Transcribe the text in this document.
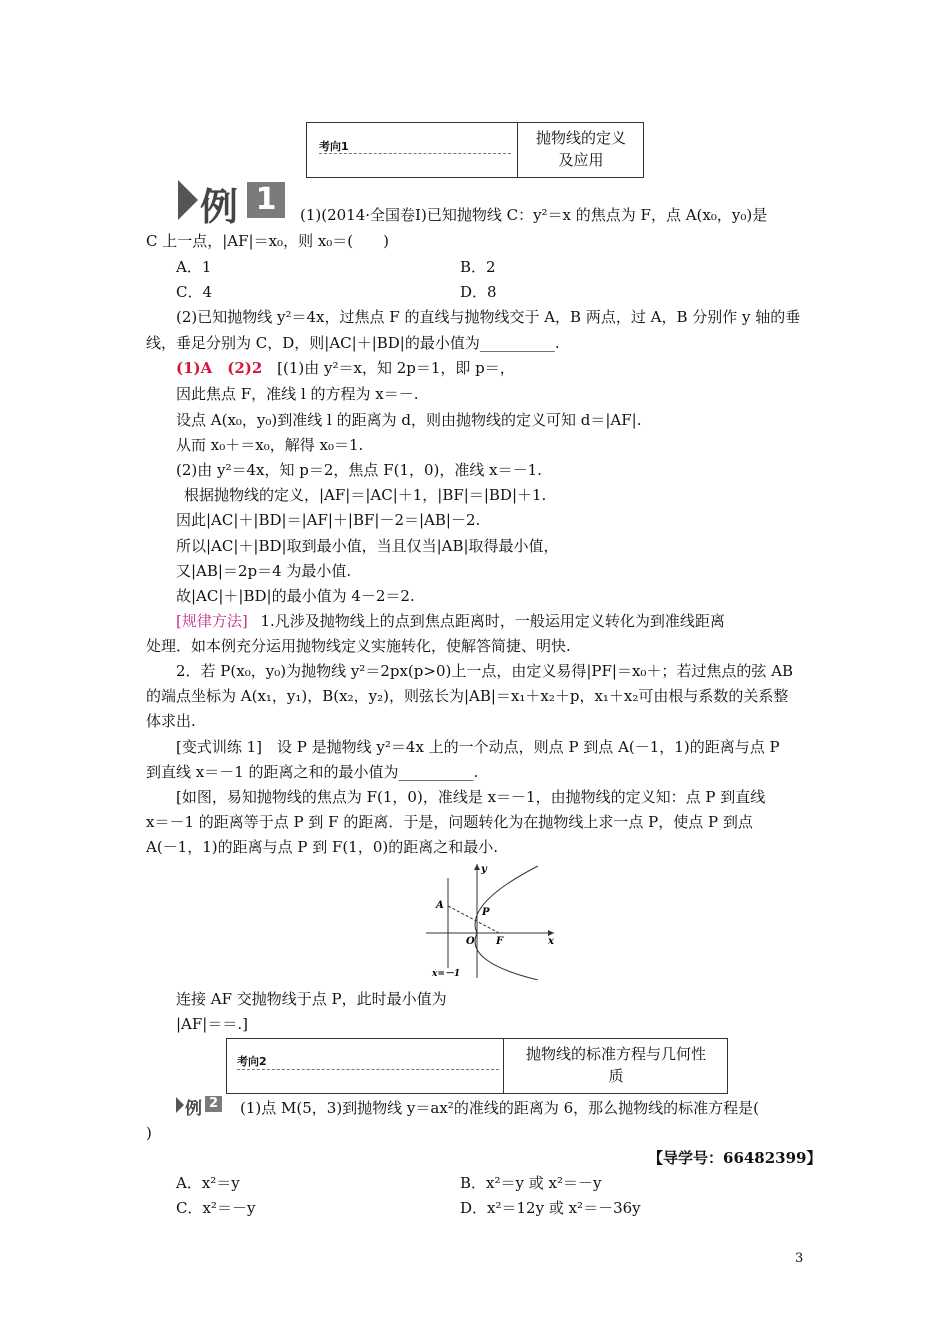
考向1	抛物线的定义
及应用
例 1	(1)(2014·全国卷Ⅰ)已知抛物线 C：y²＝x 的焦点为 F，点 A(x₀，y₀)是
C 上一点，|AF|＝x₀，则 x₀＝(　　)
A．1	B．2
C．4	D．8
(2)已知抛物线 y²＝4x，过焦点 F 的直线与抛物线交于 A，B 两点，过 A，B 分别作 y 轴的垂
线，垂足分别为 C，D，则|AC|＋|BD|的最小值为__________.
(1)A　(2)2 [(1)由 y²＝x，知 2p＝1，即 p＝，
因此焦点 F，准线 l 的方程为 x＝－.
设点 A(x₀，y₀)到准线 l 的距离为 d，则由抛物线的定义可知 d＝|AF|.
从而 x₀＋＝x₀，解得 x₀＝1.
(2)由 y²＝4x，知 p＝2，焦点 F(1，0)，准线 x＝－1.
根据抛物线的定义，|AF|＝|AC|＋1，|BF|＝|BD|＋1.
因此|AC|＋|BD|＝|AF|＋|BF|－2＝|AB|－2.
所以|AC|＋|BD|取到最小值，当且仅当|AB|取得最小值，
又|AB|＝2p＝4 为最小值.
故|AC|＋|BD|的最小值为 4－2＝2.
[规律方法] 1.凡涉及抛物线上的点到焦点距离时，一般运用定义转化为到准线距离
处理．如本例充分运用抛物线定义实施转化，使解答简捷、明快.
2．若 P(x₀，y₀)为抛物线 y²＝2px(p>0)上一点，由定义易得|PF|＝x₀＋；若过焦点的弦 AB
的端点坐标为 A(x₁，y₁)，B(x₂，y₂)，则弦长为|AB|＝x₁＋x₂＋p，x₁＋x₂可由根与系数的关系整
体求出.
[变式训练 1]　设 P 是抛物线 y²＝4x 上的一个动点，则点 P 到点 A(－1，1)的距离与点 P
到直线 x＝－1 的距离之和的最小值为__________.
[如图，易知抛物线的焦点为 F(1，0)，准线是 x＝－1，由抛物线的定义知：点 P 到直线
x＝－1 的距离等于点 P 到 F 的距离．于是，问题转化为在抛物线上求一点 P，使点 P 到点
A(－1，1)的距离与点 P 到 F(1，0)的距离之和最小.
y
x
A
P
O F
x=－1
连接 AF 交抛物线于点 P，此时最小值为
|AF|＝＝.]
考向2	抛物线的标准方程与几何性
质
例 2 (1)点 M(5，3)到抛物线 y＝ax²的准线的距离为 6，那么抛物线的标准方程是(
)
【导学号：66482399】
A．x²＝y	B．x²＝y 或 x²＝－y
C．x²＝－y	D．x²＝12y 或 x²＝－36y
3
